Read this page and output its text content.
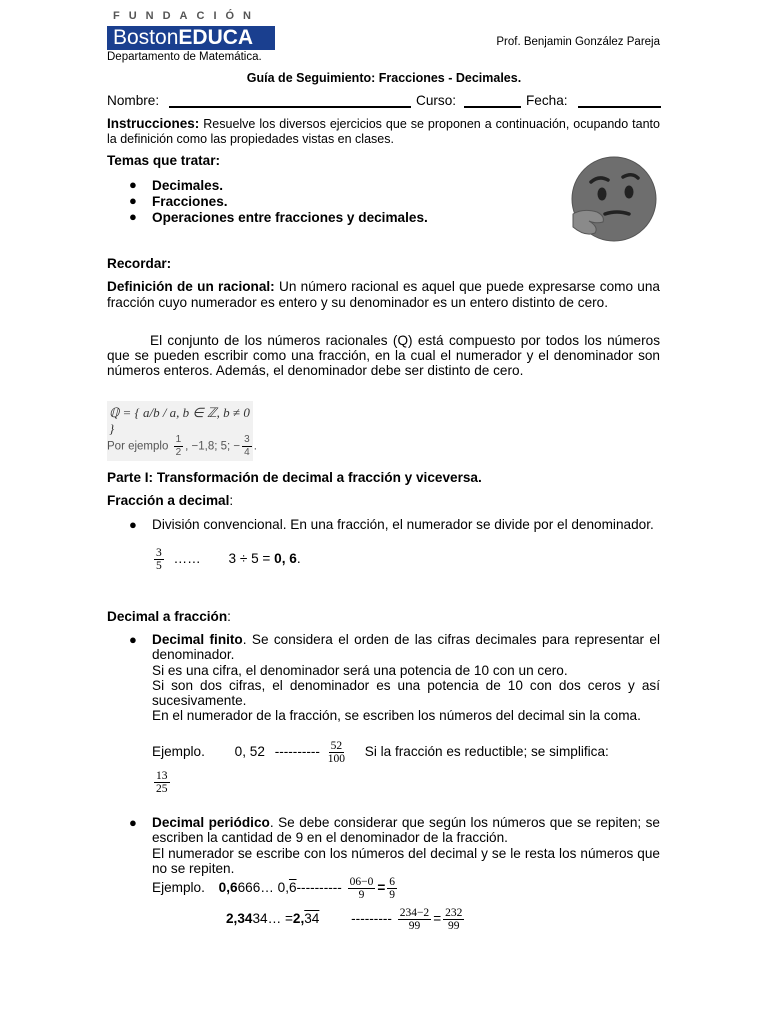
FUNDACIÓN
BostonEDUCA
Departamento de Matemática.
Prof. Benjamin González Pareja
Guía de Seguimiento: Fracciones - Decimales.
Nombre:	Curso:	Fecha:
Instrucciones: Resuelve los diversos ejercicios que se proponen a continuación, ocupando tanto la definición como las propiedades vistas en clases.
Temas que tratar:
● Decimales.
● Fracciones.
● Operaciones entre fracciones y decimales.
Recordar:
Definición de un racional: Un número racional es aquel que puede expresarse como una fracción cuyo numerador es entero y su denominador es un entero distinto de cero.
El conjunto de los números racionales (Q) está compuesto por todos los números que se pueden escribir como una fracción, en la cual el numerador y el denominador son números enteros. Además, el denominador debe ser distinto de cero.
ℚ = { a/b / a, b ∈ ℤ, b ≠ 0 }
Por ejemplo $\frac{1}{2}$ , −1,8; 5; − $\frac{3}{4}$ .
Parte I: Transformación de decimal a fracción y viceversa.
Fracción a decimal:
● División convencional. En una fracción, el numerador se divide por el denominador.
$\frac{3}{5}$ …… 3 ÷ 5 = 0, 6.
Decimal a fracción:
● Decimal finito. Se considera el orden de las cifras decimales para representar el denominador.
Si es una cifra, el denominador será una potencia de 10 con un cero.
Si son dos cifras, el denominador es una potencia de 10 con dos ceros y así sucesivamente.
En el numerador de la fracción, se escriben los números del decimal sin la coma.
Ejemplo. 0, 52 ---------- $\frac{52}{100}$ Si la fracción es reductible; se simplifica:
$\frac{13}{25}$
● Decimal periódico. Se debe considerar que según los números que se repiten; se escriben la cantidad de 9 en el denominador de la fracción.
El numerador se escribe con los números del decimal y se le resta los números que no se repiten.
Ejemplo. 0,6666… $0,6---------- \frac{06-0}{9} = \frac{6}{9}$
2,3434… =2,34 --------- $\frac{234-2}{99} = \frac{232}{99}$
